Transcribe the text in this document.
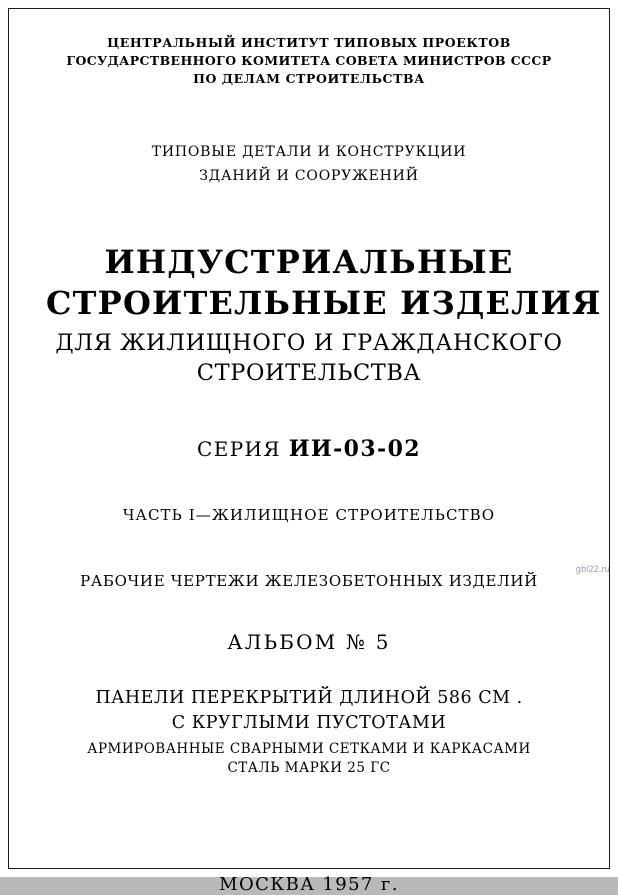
ЦЕНТРАЛЬНЫЙ ИНСТИТУТ ТИПОВЫХ ПРОЕКТОВ
ГОСУДАРСТВЕННОГО КОМИТЕТА СОВЕТА МИНИСТРОВ СССР
ПО ДЕЛАМ СТРОИТЕЛЬСТВА
ТИПОВЫЕ ДЕТАЛИ И КОНСТРУКЦИИ
ЗДАНИЙ И СООРУЖЕНИЙ
ИНДУСТРИАЛЬНЫЕ
СТРОИТЕЛЬНЫЕ ИЗДЕЛИЯ
ДЛЯ ЖИЛИЩНОГО И ГРАЖДАНСКОГО
СТРОИТЕЛЬСТВА
СЕРИЯ ИИ-03-02
ЧАСТЬ I—ЖИЛИЩНОЕ СТРОИТЕЛЬСТВО
РАБОЧИЕ ЧЕРТЕЖИ ЖЕЛЕЗОБЕТОННЫХ ИЗДЕЛИЙ
АЛЬБОМ № 5
ПАНЕЛИ ПЕРЕКРЫТИЙ ДЛИНОЙ 586 СМ .
С КРУГЛЫМИ ПУСТОТАМИ
АРМИРОВАННЫЕ СВАРНЫМИ СЕТКАМИ И КАРКАСАМИ
СТАЛЬ МАРКИ 25 ГС
МОСКВА 1957 г.
gbl22.ru
